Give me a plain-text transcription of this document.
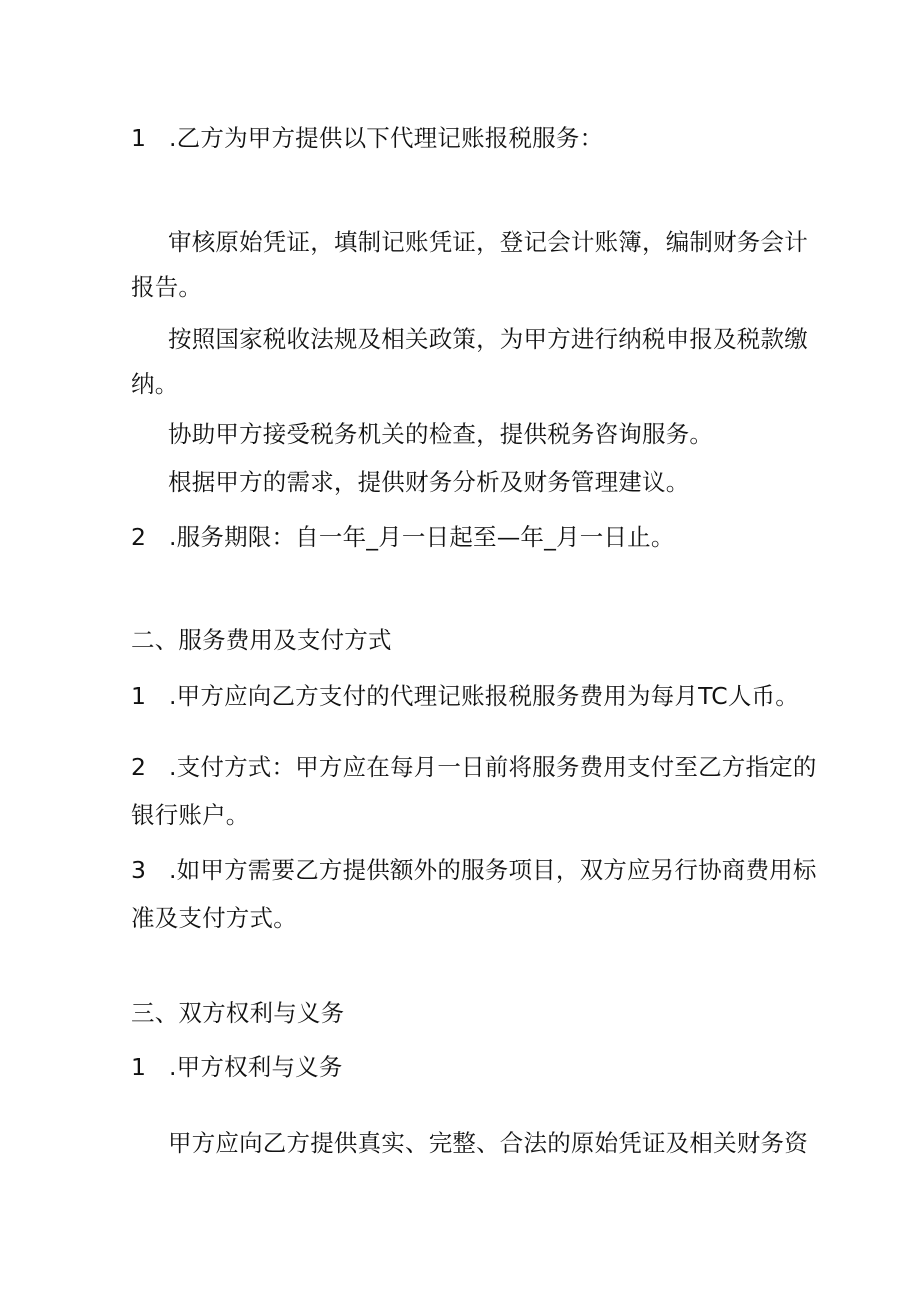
1 .乙方为甲方提供以下代理记账报税服务：
审核原始凭证，填制记账凭证，登记会计账簿，编制财务会计
报告。
按照国家税收法规及相关政策，为甲方进行纳税申报及税款缴
纳。
协助甲方接受税务机关的检查，提供税务咨询服务。
根据甲方的需求，提供财务分析及财务管理建议。
2 .服务期限：自一年_月一日起至—年_月一日止。
二、服务费用及支付方式
1 .甲方应向乙方支付的代理记账报税服务费用为每月TC人币。
2 .支付方式：甲方应在每月一日前将服务费用支付至乙方指定的
银行账户。
3 .如甲方需要乙方提供额外的服务项目，双方应另行协商费用标
准及支付方式。
三、双方权利与义务
1 .甲方权利与义务
甲方应向乙方提供真实、完整、合法的原始凭证及相关财务资
